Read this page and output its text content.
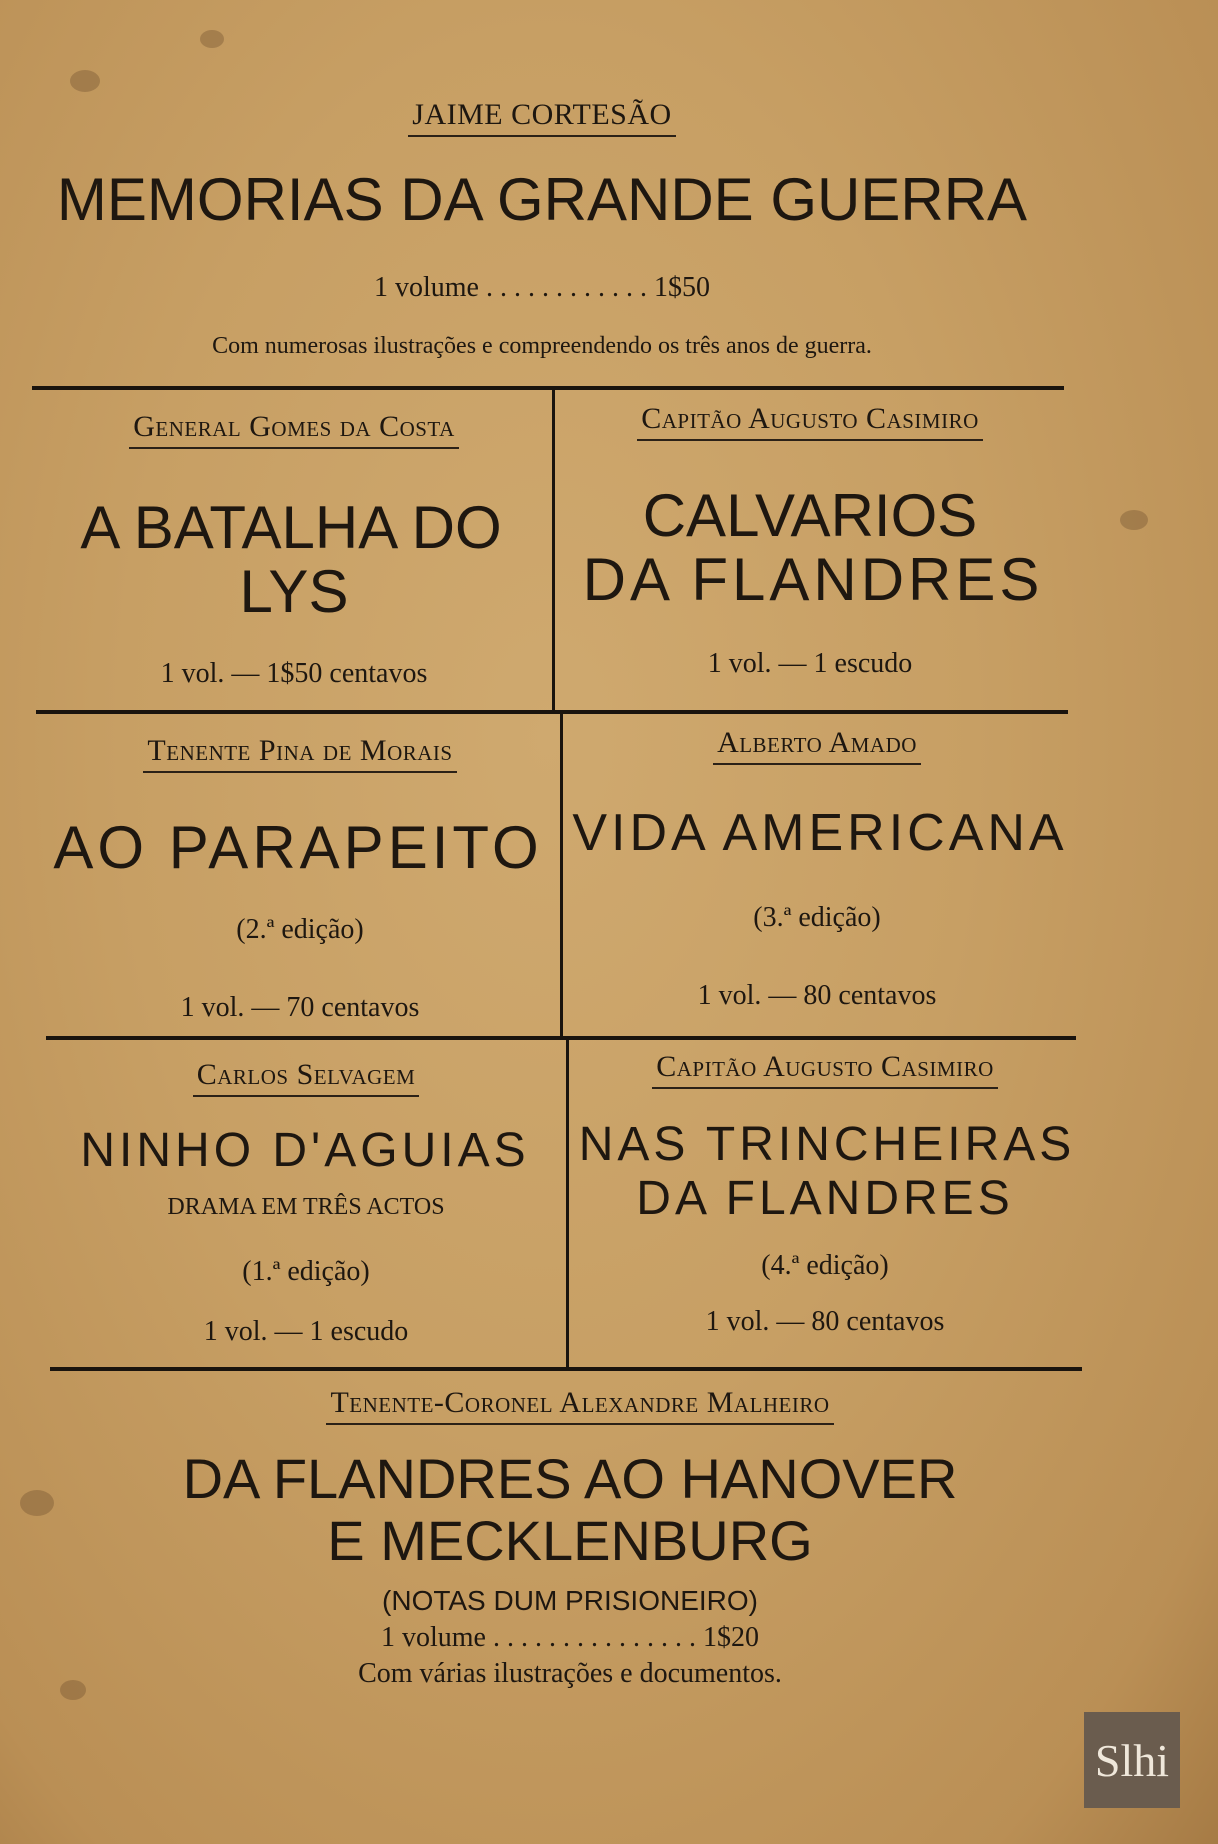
JAIME CORTESÃO
MEMORIAS DA GRANDE GUERRA
1 volume . . . . . . . . . . . . 1$50
Com numerosas ilustrações e compreendendo os três anos de guerra.
General Gomes da Costa
A BATALHA DO
LYS
1 vol. — 1$50 centavos
Capitão Augusto Casimiro
CALVARIOS
DA FLANDRES
1 vol. — 1 escudo
Tenente Pina de Morais
AO PARAPEITO
(2.ª edição)
1 vol. — 70 centavos
Alberto Amado
VIDA AMERICANA
(3.ª edição)
1 vol. — 80 centavos
Carlos Selvagem
NINHO D'AGUIAS
DRAMA EM TRÊS ACTOS
(1.ª edição)
1 vol. — 1 escudo
Capitão Augusto Casimiro
NAS TRINCHEIRAS
DA FLANDRES
(4.ª edição)
1 vol. — 80 centavos
Tenente-Coronel Alexandre Malheiro
DA FLANDRES AO HANOVER
E MECKLENBURG
(NOTAS DUM PRISIONEIRO)
1 volume . . . . . . . . . . . . . . . 1$20
Com várias ilustrações e documentos.
Slhi
